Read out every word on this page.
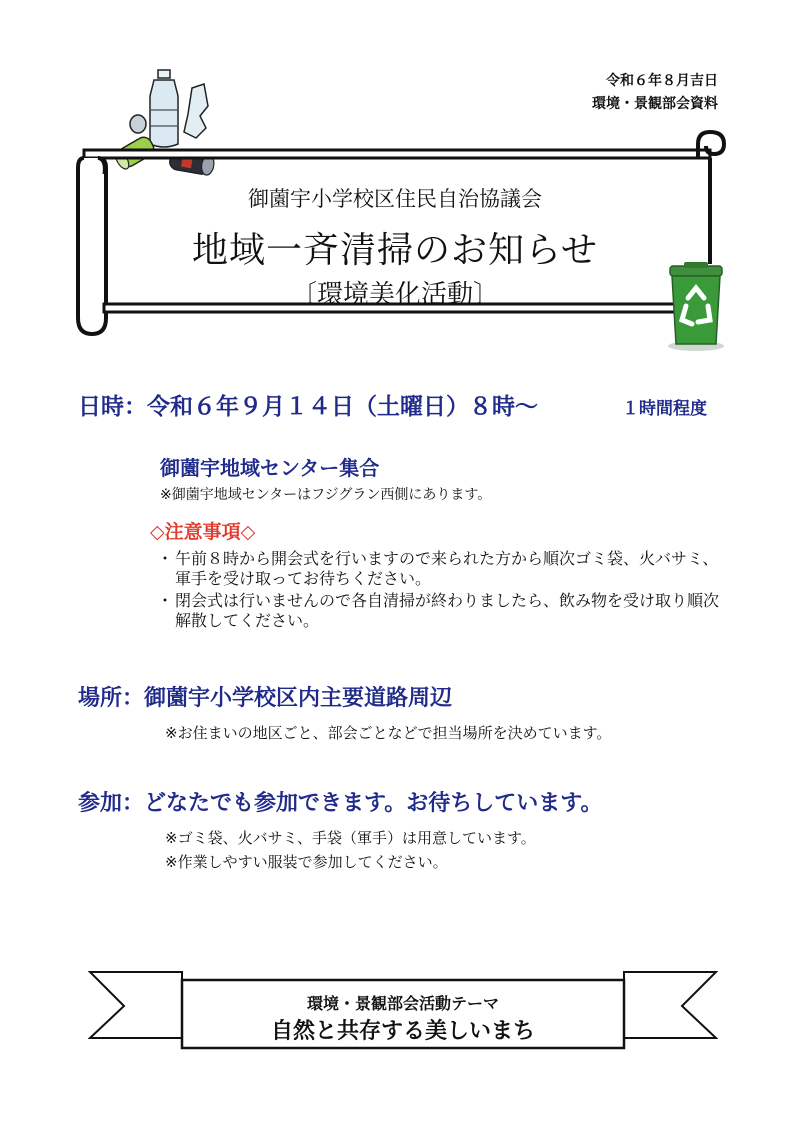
令和６年８月吉日
環境・景観部会資料
御薗宇小学校区住民自治協議会
地域一斉清掃のお知らせ
〔環境美化活動〕
日時：令和６年９月１４日（土曜日）８時～	１時間程度
御薗宇地域センター集合
※御薗宇地域センターはフジグラン西側にあります。
◇注意事項◇
・ 午前８時から開会式を行いますので来られた方から順次ゴミ袋、火バサミ、軍手を受け取ってお待ちください。
・ 閉会式は行いませんので各自清掃が終わりましたら、飲み物を受け取り順次解散してください。
場所：御薗宇小学校区内主要道路周辺
※お住まいの地区ごと、部会ごとなどで担当場所を決めています。
参加：どなたでも参加できます。お待ちしています。
※ゴミ袋、火バサミ、手袋（軍手）は用意しています。
※作業しやすい服装で参加してください。
環境・景観部会活動テーマ
自然と共存する美しいまち
